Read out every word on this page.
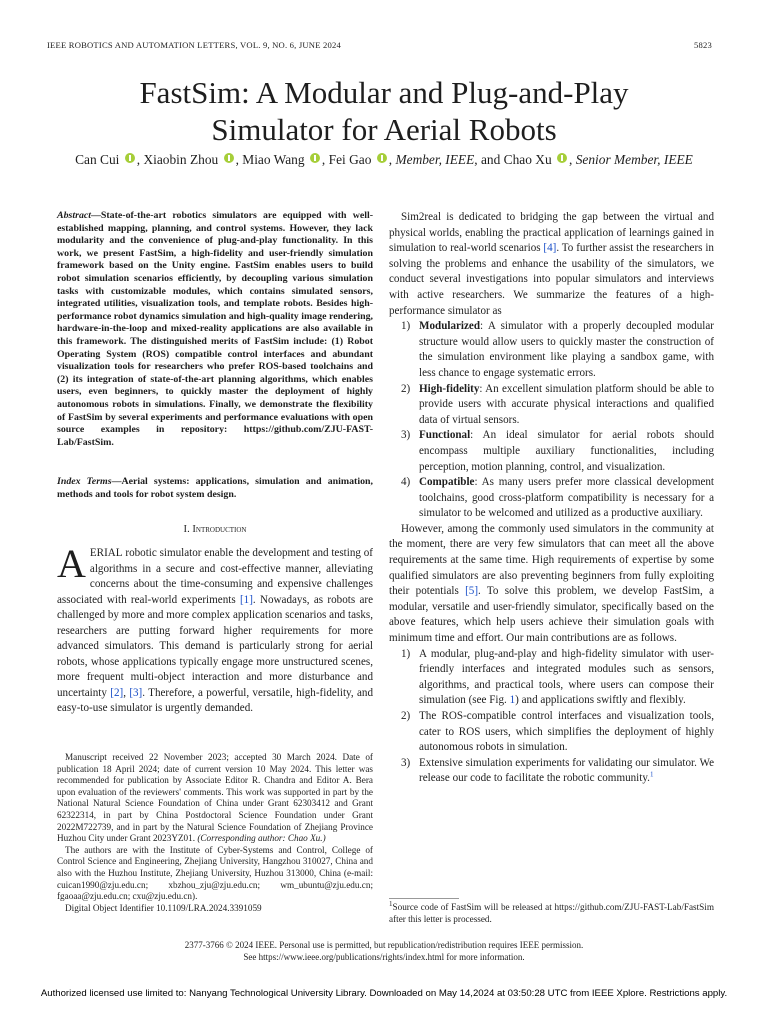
IEEE ROBOTICS AND AUTOMATION LETTERS, VOL. 9, NO. 6, JUNE 2024	5823
FastSim: A Modular and Plug-and-Play
Simulator for Aerial Robots
Can Cui , Xiaobin Zhou , Miao Wang , Fei Gao , Member, IEEE, and Chao Xu , Senior Member, IEEE
Abstract—State-of-the-art robotics simulators are equipped with well-established mapping, planning, and control systems. However, they lack modularity and the convenience of plug-and-play functionality. In this work, we present FastSim, a high-fidelity and user-friendly simulation framework based on the Unity engine. FastSim enables users to build robot simulation scenarios efficiently, by decoupling various simulation tasks with customizable modules, which contains simulated sensors, integrated utilities, visualization tools, and template robots. Besides high-performance robot dynamics simulation and high-quality image rendering, hardware-in-the-loop and mixed-reality applications are also available in this framework. The distinguished merits of FastSim include: (1) Robot Operating System (ROS) compatible control interfaces and abundant visualization tools for researchers who prefer ROS-based toolchains and (2) its integration of state-of-the-art planning algorithms, which enables users, even beginners, to quickly master the deployment of highly autonomous robots in simulations. Finally, we demonstrate the flexibility of FastSim by several experiments and performance evaluations with open source examples in repository: https://github.com/ZJU-FAST-Lab/FastSim.
Index Terms—Aerial systems: applications, simulation and animation, methods and tools for robot system design.
I. Introduction
AERIAL robotic simulator enable the development and testing of algorithms in a secure and cost-effective manner, alleviating concerns about the time-consuming and expensive challenges associated with real-world experiments [1]. Nowadays, as robots are challenged by more and more complex application scenarios and tasks, researchers are putting forward higher requirements for more advanced simulators. This demand is particularly strong for aerial robots, whose applications typically engage more unstructured scenes, more frequent multi-object interaction and more disturbance and uncertainty [2], [3]. Therefore, a powerful, versatile, high-fidelity, and easy-to-use simulator is urgently demanded.

Manuscript received 22 November 2023; accepted 30 March 2024. Date of publication 18 April 2024; date of current version 10 May 2024. This letter was recommended for publication by Associate Editor R. Chandra and Editor A. Bera upon evaluation of the reviewers' comments. This work was supported in part by the National Natural Science Foundation of China under Grant 62303412 and Grant 62322314, in part by China Postdoctoral Science Foundation under Grant 2022M722739, and in part by the Natural Science Foundation of Zhejiang Province Huzhou City under Grant 2023YZ01. (Corresponding author: Chao Xu.)

The authors are with the Institute of Cyber-Systems and Control, College of Control Science and Engineering, Zhejiang University, Hangzhou 310027, China and also with the Huzhou Institute, Zhejiang University, Huzhou 313000, China (e-mail: cuican1990@zju.edu.cn; xbzhou_zju@zju.edu.cn; wm_ubuntu@zju.edu.cn; fgaoaa@zju.edu.cn; cxu@zju.edu.cn).

Digital Object Identifier 10.1109/LRA.2024.3391059

Sim2real is dedicated to bridging the gap between the virtual and physical worlds, enabling the practical application of learnings gained in simulation to real-world scenarios [4]. To further assist the researchers in solving the problems and enhance the usability of the simulators, we conduct several investigations into popular simulators and interviews with active researchers. We summarize the features of a high-performance simulator as

1) Modularized: A simulator with a properly decoupled modular structure would allow users to quickly master the construction of the simulation environment like playing a sandbox game, with less chance to engage systematic errors.
2) High-fidelity: An excellent simulation platform should be able to provide users with accurate physical interactions and qualified data of virtual sensors.
3) Functional: An ideal simulator for aerial robots should encompass multiple auxiliary functionalities, including perception, motion planning, control, and visualization.
4) Compatible: As many users prefer more classical development toolchains, good cross-platform compatibility is necessary for a simulator to be welcomed and utilized as a productive auxiliary.

However, among the commonly used simulators in the community at the moment, there are very few simulators that can meet all the above requirements at the same time. High requirements of expertise by some qualified simulators are also preventing beginners from fully exploiting their potentials [5]. To solve this problem, we develop FastSim, a modular, versatile and user-friendly simulator, specifically based on the above features, which help users achieve their simulation goals with minimum time and effort. Our main contributions are as follows.

1) A modular, plug-and-play and high-fidelity simulator with user-friendly interfaces and integrated modules such as sensors, algorithms, and practical tools, where users can compose their simulation (see Fig. 1) and applications swiftly and flexibly.
2) The ROS-compatible control interfaces and visualization tools, cater to ROS users, which simplifies the deployment of highly autonomous robots in simulation.
3) Extensive simulation experiments for validating our simulator. We release our code to facilitate the robotic community.$^1$
$^1$Source code of FastSim will be released at https://github.com/ZJU-FAST-Lab/FastSim after this letter is processed.
2377-3766 © 2024 IEEE. Personal use is permitted, but republication/redistribution requires IEEE permission.
See https://www.ieee.org/publications/rights/index.html for more information.
Authorized licensed use limited to: Nanyang Technological University Library. Downloaded on May 14,2024 at 03:50:28 UTC from IEEE Xplore. Restrictions apply.
